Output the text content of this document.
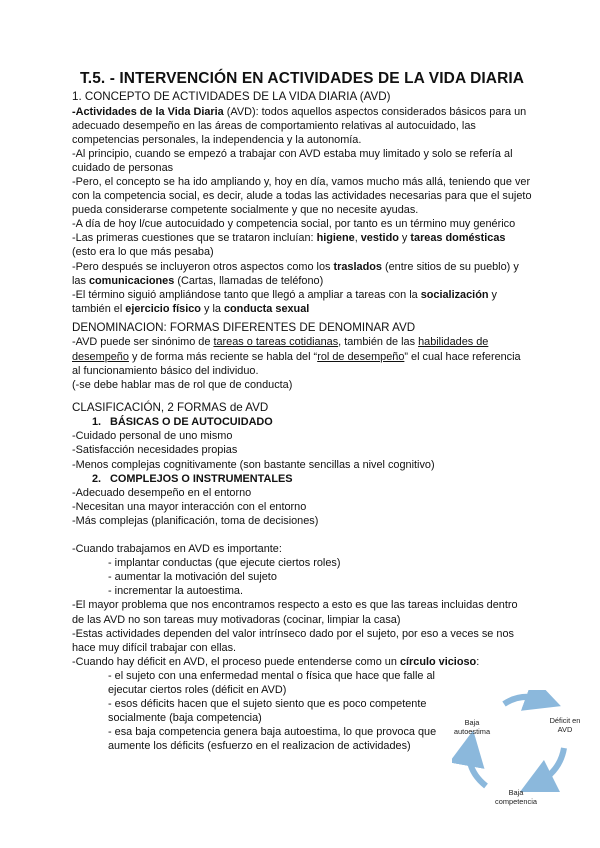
T.5. - INTERVENCIÓN EN ACTIVIDADES DE LA VIDA DIARIA

1. CONCEPTO DE ACTIVIDADES DE LA VIDA DIARIA (AVD)

-Actividades de la Vida Diaria (AVD): todos aquellos aspectos considerados básicos para un adecuado desempeño en las áreas de comportamiento relativas al autocuidado, las competencias personales, la independencia y la autonomía.

-Al principio, cuando se empezó a trabajar con AVD estaba muy limitado y solo se refería al cuidado de personas

-Pero, el concepto se ha ido ampliando y, hoy en día, vamos mucho más allá, teniendo que ver con la competencia social, es decir, alude a todas las actividades necesarias para que el sujeto pueda considerarse competente socialmente y que no necesite ayudas.

-A día de hoy l/cue autocuidado y competencia social, por tanto es un término muy genérico

-Las primeras cuestiones que se trataron incluían: higiene, vestido y tareas domésticas
(esto era lo que más pesaba)

-Pero después se incluyeron otros aspectos como los traslados (entre sitios de su pueblo) y las comunicaciones (Cartas, llamadas de teléfono)

-El término siguió ampliándose tanto que llegó a ampliar a tareas con la socialización y también el ejercicio físico y la conducta sexual

DENOMINACION: FORMAS DIFERENTES DE DENOMINAR AVD

-AVD puede ser sinónimo de tareas o tareas cotidianas, también de las habilidades de desempeño y de forma más reciente se habla del “rol de desempeño” el cual hace referencia al funcionamiento básico del individuo.

(-se debe hablar mas de rol que de conducta)

CLASIFICACIÓN, 2 FORMAS de AVD

1. BÁSICAS O DE AUTOCUIDADO

-Cuidado personal de uno mismo

-Satisfacción necesidades propias

-Menos complejas cognitivamente (son bastante sencillas a nivel cognitivo)

2. COMPLEJOS O INSTRUMENTALES

-Adecuado desempeño en el entorno

-Necesitan una mayor interacción con el entorno

-Más complejas (planificación, toma de decisiones)

-Cuando trabajamos en AVD es importante:

- implantar conductas (que ejecute ciertos roles)

- aumentar la motivación del sujeto

- incrementar la autoestima.

-El mayor problema que nos encontramos respecto a esto es que las tareas incluidas dentro de las AVD no son tareas muy motivadoras (cocinar, limpiar la casa)

-Estas actividades dependen del valor intrínseco dado por el sujeto, por eso a veces se nos hace muy difícil trabajar con ellas.

-Cuando hay déficit en AVD, el proceso puede entenderse como un círculo vicioso:

- el sujeto con una enfermedad mental o física que hace que falle al ejecutar ciertos roles (déficit en AVD)

- esos déficits hacen que el sujeto siento que es poco competente socialmente (baja competencia)

- esa baja competencia genera baja autoestima, lo que provoca que aumente los déficits (esfuerzo en el realizacion de actividades)

Baja autoestima
Déficit en AVD
Baja competencia
